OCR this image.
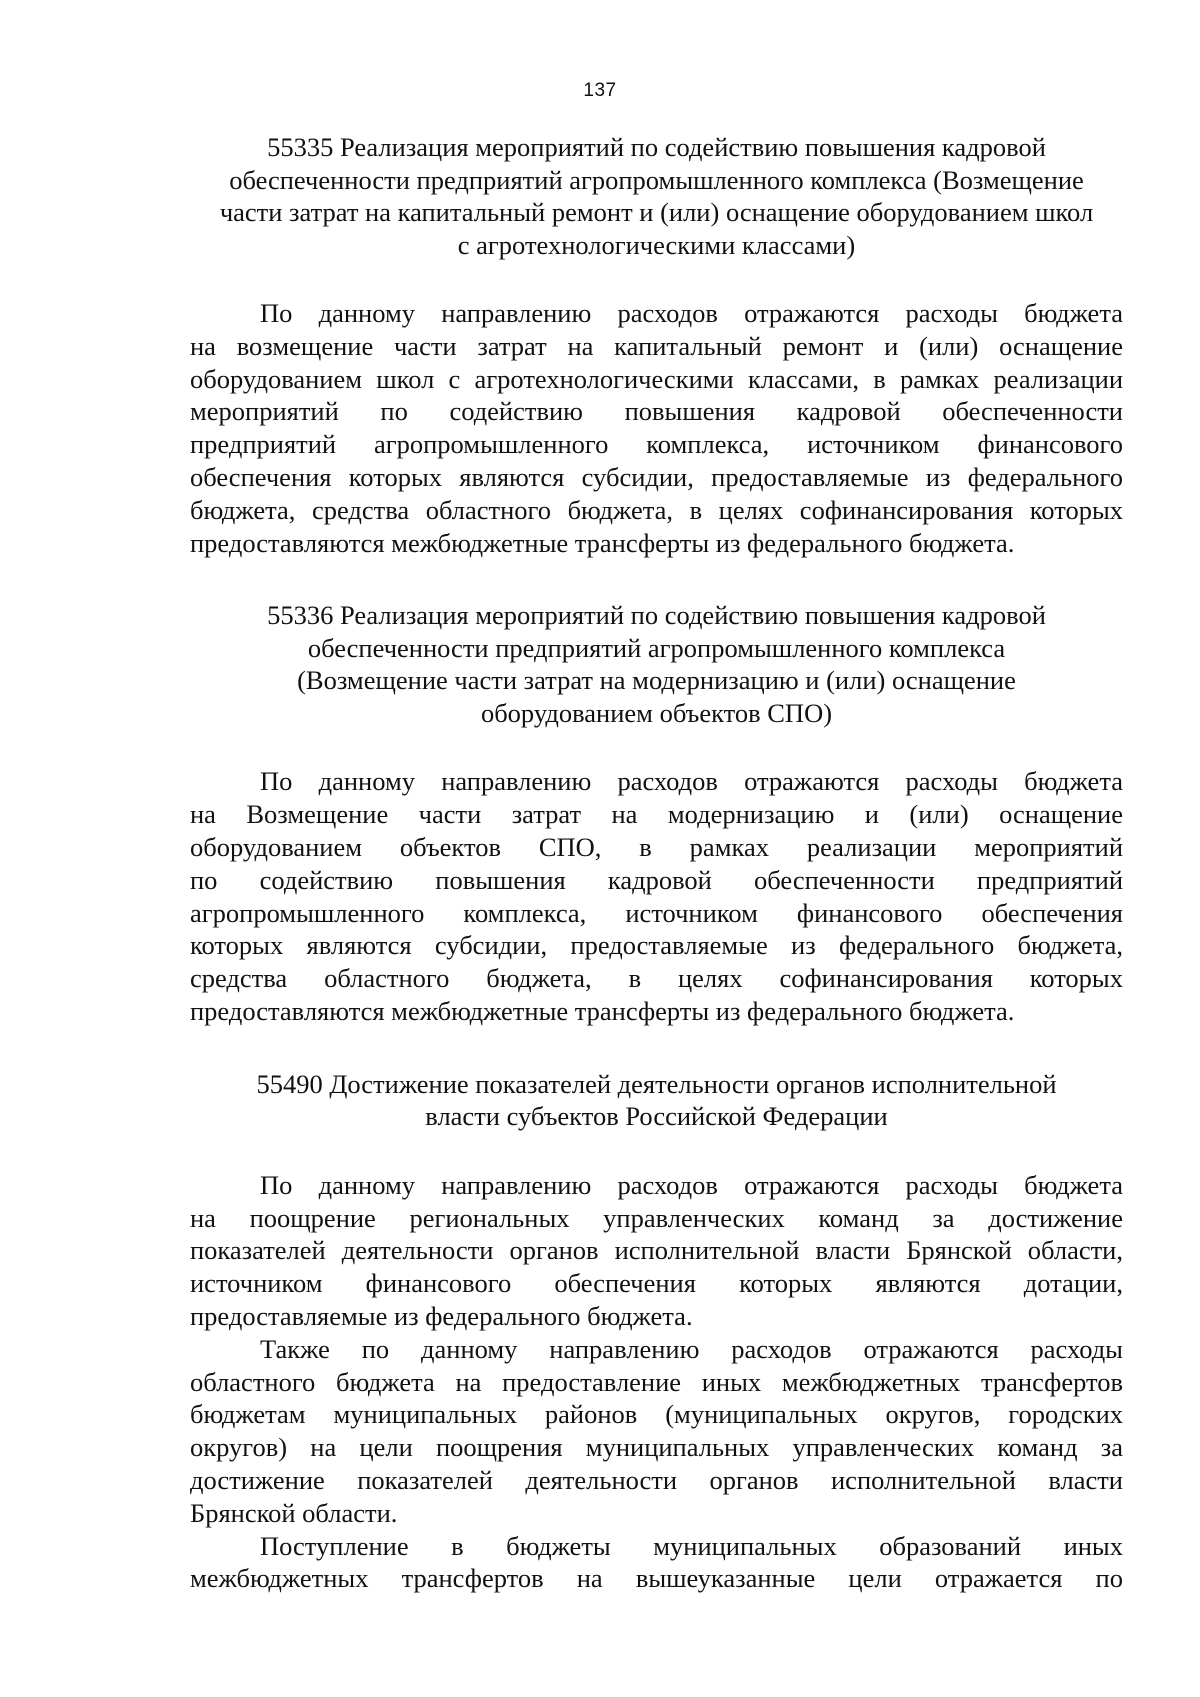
137
55335 Реализация мероприятий по содействию повышения кадровой
обеспеченности предприятий агропромышленного комплекса (Возмещение
части затрат на капитальный ремонт и (или) оснащение оборудованием школ
с агротехнологическими классами)
По данному направлению расходов отражаются расходы бюджета
на возмещение части затрат на капитальный ремонт и (или) оснащение
оборудованием школ с агротехнологическими классами, в рамках реализации
мероприятий по содействию повышения кадровой обеспеченности
предприятий агропромышленного комплекса, источником финансового
обеспечения которых являются субсидии, предоставляемые из федерального
бюджета, средства областного бюджета, в целях софинансирования которых
предоставляются межбюджетные трансферты из федерального бюджета.
55336 Реализация мероприятий по содействию повышения кадровой
обеспеченности предприятий агропромышленного комплекса
(Возмещение части затрат на модернизацию и (или) оснащение
оборудованием объектов СПО)
По данному направлению расходов отражаются расходы бюджета
на Возмещение части затрат на модернизацию и (или) оснащение
оборудованием объектов СПО, в рамках реализации мероприятий
по содействию повышения кадровой обеспеченности предприятий
агропромышленного комплекса, источником финансового обеспечения
которых являются субсидии, предоставляемые из федерального бюджета,
средства областного бюджета, в целях софинансирования которых
предоставляются межбюджетные трансферты из федерального бюджета.
55490 Достижение показателей деятельности органов исполнительной
власти субъектов Российской Федерации
По данному направлению расходов отражаются расходы бюджета
на поощрение региональных управленческих команд за достижение
показателей деятельности органов исполнительной власти Брянской области,
источником финансового обеспечения которых являются дотации,
предоставляемые из федерального бюджета.
Также по данному направлению расходов отражаются расходы
областного бюджета на предоставление иных межбюджетных трансфертов
бюджетам муниципальных районов (муниципальных округов, городских
округов) на цели поощрения муниципальных управленческих команд за
достижение показателей деятельности органов исполнительной власти
Брянской области.
Поступление в бюджеты муниципальных образований иных
межбюджетных трансфертов на вышеуказанные цели отражается по
